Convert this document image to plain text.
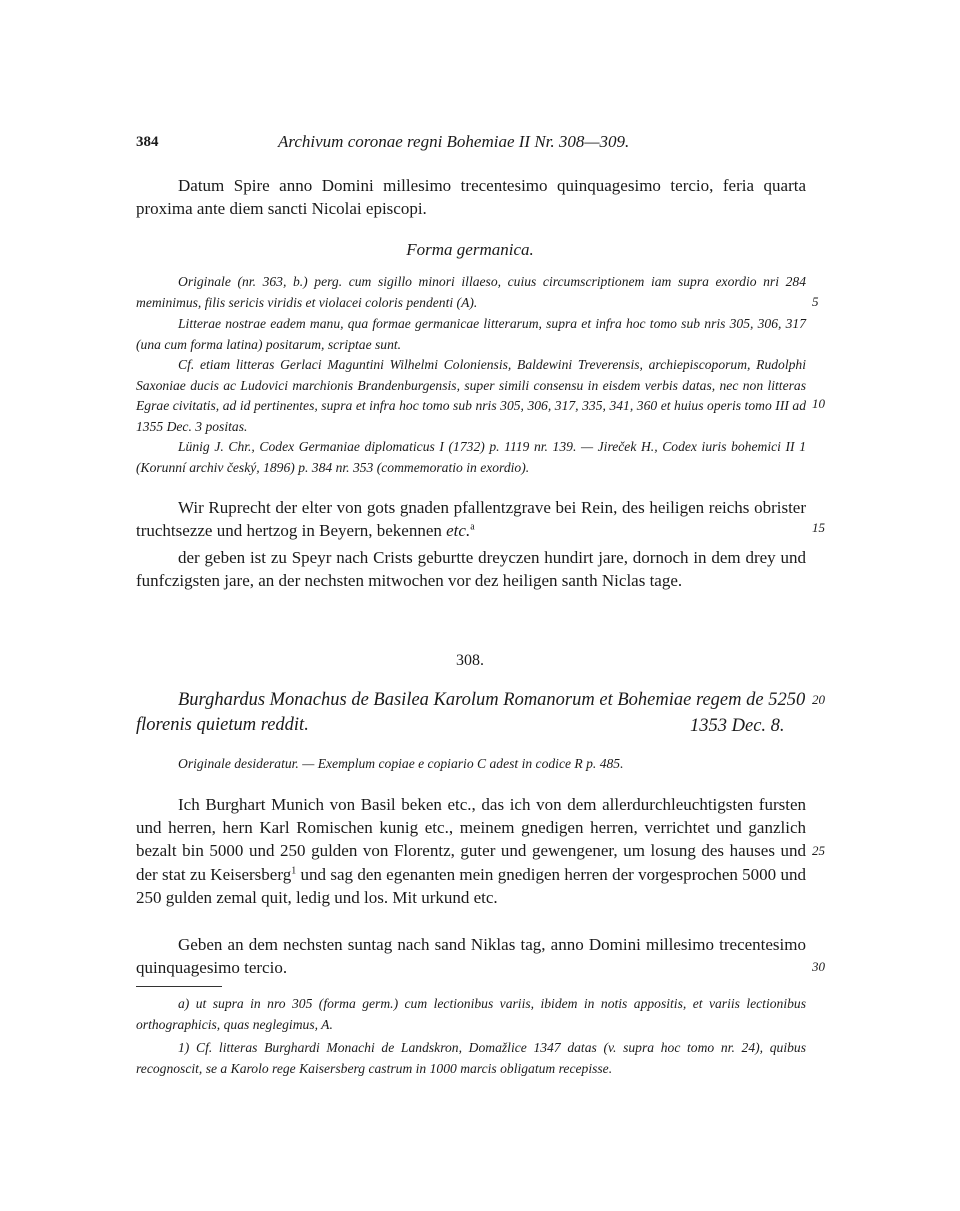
384	Archivum coronae regni Bohemiae II Nr. 308—309.
Datum Spire anno Domini millesimo trecentesimo quinquagesimo tercio, feria quarta proxima ante diem sancti Nicolai episcopi.
Forma germanica.
Originale (nr. 363, b.) perg. cum sigillo minori illaeso, cuius circumscriptionem iam supra exordio nri 284 meminimus, filis sericis viridis et violacei coloris pendenti (A).
Litterae nostrae eadem manu, qua formae germanicae litterarum, supra et infra hoc tomo sub nris 305, 306, 317 (una cum forma latina) positarum, scriptae sunt.
Cf. etiam litteras Gerlaci Maguntini Wilhelmi Coloniensis, Baldewini Treverensis, archiepiscoporum, Rudolphi Saxoniae ducis ac Ludovici marchionis Brandenburgensis, super simili consensu in eisdem verbis datas, nec non litteras Egrae civitatis, ad id pertinentes, supra et infra hoc tomo sub nris 305, 306, 317, 335, 341, 360 et huius operis tomo III ad 1355 Dec. 3 positas.
Lünig J. Chr., Codex Germaniae diplomaticus I (1732) p. 1119 nr. 139. — Jireček H., Codex iuris bohemici II 1 (Korunní archiv český, 1896) p. 384 nr. 353 (commemoratio in exordio).
Wir Ruprecht der elter von gots gnaden pfallentzgrave bei Rein, des heiligen reichs obrister truchtsezze und hertzog in Beyern, bekennen etc.$^a$
der geben ist zu Speyr nach Crists geburtte dreyczen hundirt jare, dornoch in dem drey und funfczigsten jare, an der nechsten mitwochen vor dez heiligen santh Niclas tage.
308.
Burghardus Monachus de Basilea Karolum Romanorum et Bohemiae regem de 5250 florenis quietum reddit.	1353 Dec. 8.
Originale desideratur. — Exemplum copiae e copiario C adest in codice R p. 485.
Ich Burghart Munich von Basil beken etc., das ich von dem allerdurchleuchtigsten fursten und herren, hern Karl Romischen kunig etc., meinem gnedigen herren, verrichtet und ganzlich bezalt bin 5000 und 250 gulden von Florentz, guter und gewengener, um losung des hauses und der stat zu Keisersberg$^1$ und sag den egenanten mein gnedigen herren der vorgesprochen 5000 und 250 gulden zemal quit, ledig und los. Mit urkund etc.
Geben an dem nechsten suntag nach sand Niklas tag, anno Domini millesimo trecentesimo quinquagesimo tercio.
a) ut supra in nro 305 (forma germ.) cum lectionibus variis, ibidem in notis appositis, et variis lectionibus orthographicis, quas neglegimus, A.
1) Cf. litteras Burghardi Monachi de Landskron, Domažlice 1347 datas (v. supra hoc tomo nr. 24), quibus recognoscit, se a Karolo rege Kaisersberg castrum in 1000 marcis obligatum recepisse.
5
10
15
20
25
30
